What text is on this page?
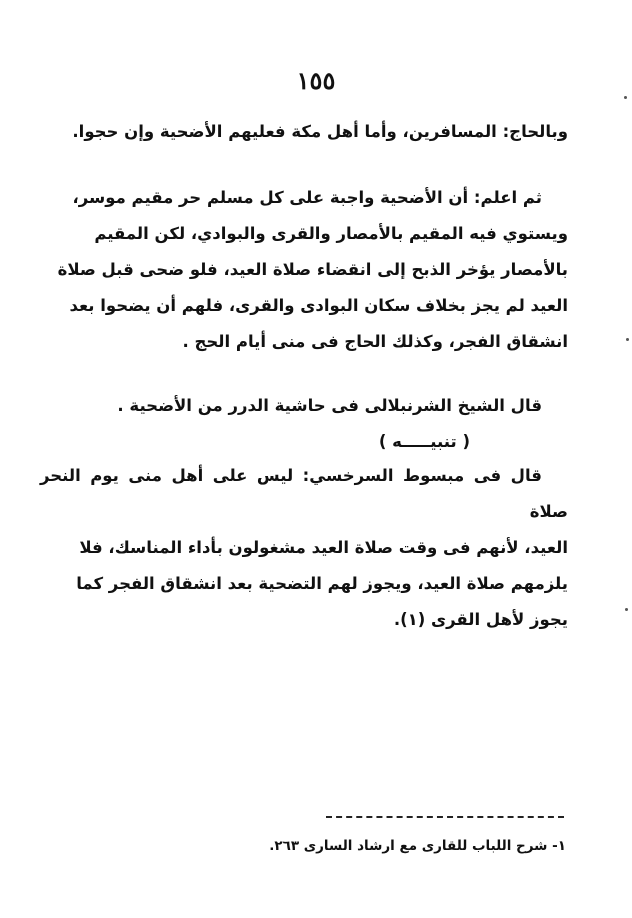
١٥٥

وبالحاج: المسافرين، وأما أهل مكة فعليهم الأضحية وإن حجوا.

ثم اعلم: أن الأضحية واجبة على كل مسلم حر مقيم موسر،

ويستوي فيه المقيم بالأمصار والقرى والبوادي، لكن المقيم

بالأمصار يؤخر الذبح إلى انقضاء صلاة العيد، فلو ضحى قبل صلاة

العيد لم يجز بخلاف سكان البوادى والقرى، فلهم أن يضحوا بعد

انشقاق الفجر، وكذلك الحاج فى منى أيام الحج .

قال الشيخ الشرنبلالى فى حاشية الدرر من الأضحية .

( تنبيـــــه )

قال فى مبسوط السرخسي: ليس على أهل منى يوم النحر صلاة

العيد، لأنهم فى وقت صلاة العيد مشغولون بأداء المناسك، فلا

يلزمهم صلاة العيد، ويجوز لهم التضحية بعد انشقاق الفجر كما

يجوز لأهل القرى (١).

١- شرح اللباب للقارى مع ارشاد السارى ٢٦٣.
